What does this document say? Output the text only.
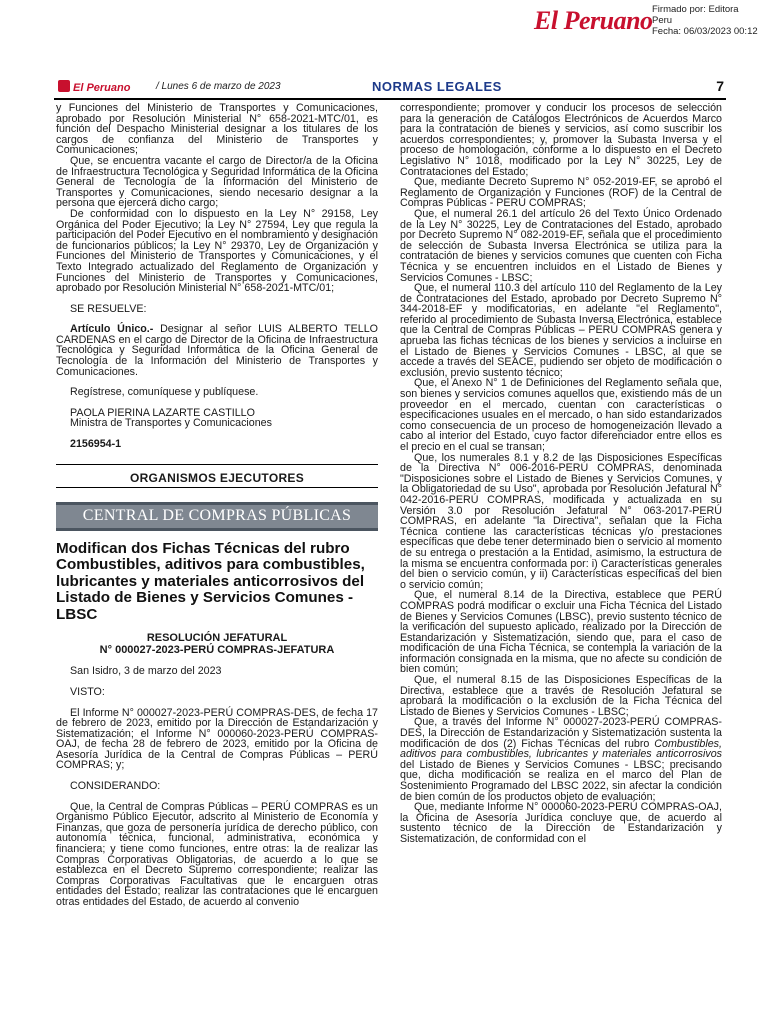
El Peruano Firmado por: Editora
Peru
Fecha: 06/03/2023 00:12
El Peruano	/ Lunes 6 de marzo de 2023	NORMAS LEGALES	7

y Funciones del Ministerio de Transportes y Comunicaciones, aprobado por Resolución Ministerial N° 658-2021-MTC/01, es función del Despacho Ministerial designar a los titulares de los cargos de confianza del Ministerio de Transportes y Comunicaciones;

Que, se encuentra vacante el cargo de Director/a de la Oficina de Infraestructura Tecnológica y Seguridad Informática de la Oficina General de Tecnología de la Información del Ministerio de Transportes y Comunicaciones, siendo necesario designar a la persona que ejercerá dicho cargo;

De conformidad con lo dispuesto en la Ley N° 29158, Ley Orgánica del Poder Ejecutivo; la Ley N° 27594, Ley que regula la participación del Poder Ejecutivo en el nombramiento y designación de funcionarios públicos; la Ley N° 29370, Ley de Organización y Funciones del Ministerio de Transportes y Comunicaciones, y el Texto Integrado actualizado del Reglamento de Organización y Funciones del Ministerio de Transportes y Comunicaciones, aprobado por Resolución Ministerial N° 658-2021-MTC/01;

SE RESUELVE:

Artículo Único.- Designar al señor LUIS ALBERTO TELLO CARDENAS en el cargo de Director de la Oficina de Infraestructura Tecnológica y Seguridad Informática de la Oficina General de Tecnología de la Información del Ministerio de Transportes y Comunicaciones.

Regístrese, comuníquese y publíquese.

PAOLA PIERINA LAZARTE CASTILLO

Ministra de Transportes y Comunicaciones

2156954-1

ORGANISMOS EJECUTORES
CENTRAL DE COMPRAS PÚBLICAS
Modifican dos Fichas Técnicas del rubro Combustibles, aditivos para combustibles, lubricantes y materiales anticorrosivos del Listado de Bienes y Servicios Comunes - LBSC
RESOLUCIÓN JEFATURAL
N° 000027-2023-PERÚ COMPRAS-JEFATURA

San Isidro, 3 de marzo del 2023

VISTO:

El Informe N° 000027-2023-PERÚ COMPRAS-DES, de fecha 17 de febrero de 2023, emitido por la Dirección de Estandarización y Sistematización; el Informe N° 000060-2023-PERÚ COMPRAS-OAJ, de fecha 28 de febrero de 2023, emitido por la Oficina de Asesoría Jurídica de la Central de Compras Públicas – PERÚ COMPRAS; y;

CONSIDERANDO:

Que, la Central de Compras Públicas – PERÚ COMPRAS es un Organismo Público Ejecutor, adscrito al Ministerio de Economía y Finanzas, que goza de personería jurídica de derecho público, con autonomía técnica, funcional, administrativa, económica y financiera; y tiene como funciones, entre otras: la de realizar las Compras Corporativas Obligatorias, de acuerdo a lo que se establezca en el Decreto Supremo correspondiente; realizar las Compras Corporativas Facultativas que le encarguen otras entidades del Estado; realizar las contrataciones que le encarguen otras entidades del Estado, de acuerdo al convenio

correspondiente; promover y conducir los procesos de selección para la generación de Catálogos Electrónicos de Acuerdos Marco para la contratación de bienes y servicios, así como suscribir los acuerdos correspondientes; y, promover la Subasta Inversa y el proceso de homologación, conforme a lo dispuesto en el Decreto Legislativo N° 1018, modificado por la Ley N° 30225, Ley de Contrataciones del Estado;

Que, mediante Decreto Supremo N° 052-2019-EF, se aprobó el Reglamento de Organización y Funciones (ROF) de la Central de Compras Públicas - PERÚ COMPRAS;

Que, el numeral 26.1 del artículo 26 del Texto Único Ordenado de la Ley N° 30225, Ley de Contrataciones del Estado, aprobado por Decreto Supremo N° 082-2019-EF, señala que el procedimiento de selección de Subasta Inversa Electrónica se utiliza para la contratación de bienes y servicios comunes que cuenten con Ficha Técnica y se encuentren incluidos en el Listado de Bienes y Servicios Comunes - LBSC;

Que, el numeral 110.3 del artículo 110 del Reglamento de la Ley de Contrataciones del Estado, aprobado por Decreto Supremo N° 344-2018-EF y modificatorias, en adelante "el Reglamento", referido al procedimiento de Subasta Inversa Electrónica, establece que la Central de Compras Públicas – PERÚ COMPRAS genera y aprueba las fichas técnicas de los bienes y servicios a incluirse en el Listado de Bienes y Servicios Comunes - LBSC, al que se accede a través del SEACE, pudiendo ser objeto de modificación o exclusión, previo sustento técnico;

Que, el Anexo N° 1 de Definiciones del Reglamento señala que, son bienes y servicios comunes aquellos que, existiendo más de un proveedor en el mercado, cuentan con características o especificaciones usuales en el mercado, o han sido estandarizados como consecuencia de un proceso de homogeneización llevado a cabo al interior del Estado, cuyo factor diferenciador entre ellos es el precio en el cual se transan;

Que, los numerales 8.1 y 8.2 de las Disposiciones Específicas de la Directiva N° 006-2016-PERÚ COMPRAS, denominada "Disposiciones sobre el Listado de Bienes y Servicios Comunes, y la Obligatoriedad de su Uso", aprobada por Resolución Jefatural N° 042-2016-PERÚ COMPRAS, modificada y actualizada en su Versión 3.0 por Resolución Jefatural N° 063-2017-PERÚ COMPRAS, en adelante "la Directiva", señalan que la Ficha Técnica contiene las características técnicas y/o prestaciones específicas que debe tener determinado bien o servicio al momento de su entrega o prestación a la Entidad, asimismo, la estructura de la misma se encuentra conformada por: i) Características generales del bien o servicio común, y ii) Características específicas del bien o servicio común;

Que, el numeral 8.14 de la Directiva, establece que PERÚ COMPRAS podrá modificar o excluir una Ficha Técnica del Listado de Bienes y Servicios Comunes (LBSC), previo sustento técnico de la verificación del supuesto aplicado, realizado por la Dirección de Estandarización y Sistematización, siendo que, para el caso de modificación de una Ficha Técnica, se contempla la variación de la información consignada en la misma, que no afecte su condición de bien común;

Que, el numeral 8.15 de las Disposiciones Específicas de la Directiva, establece que a través de Resolución Jefatural se aprobará la modificación o la exclusión de la Ficha Técnica del Listado de Bienes y Servicios Comunes - LBSC;

Que, a través del Informe N° 000027-2023-PERÚ COMPRAS-DES, la Dirección de Estandarización y Sistematización sustenta la modificación de dos (2) Fichas Técnicas del rubro Combustibles, aditivos para combustibles, lubricantes y materiales anticorrosivos del Listado de Bienes y Servicios Comunes - LBSC; precisando que, dicha modificación se realiza en el marco del Plan de Sostenimiento Programado del LBSC 2022, sin afectar la condición de bien común de los productos objeto de evaluación;

Que, mediante Informe N° 000060-2023-PERÚ COMPRAS-OAJ, la Oficina de Asesoría Jurídica concluye que, de acuerdo al sustento técnico de la Dirección de Estandarización y Sistematización, de conformidad con el
